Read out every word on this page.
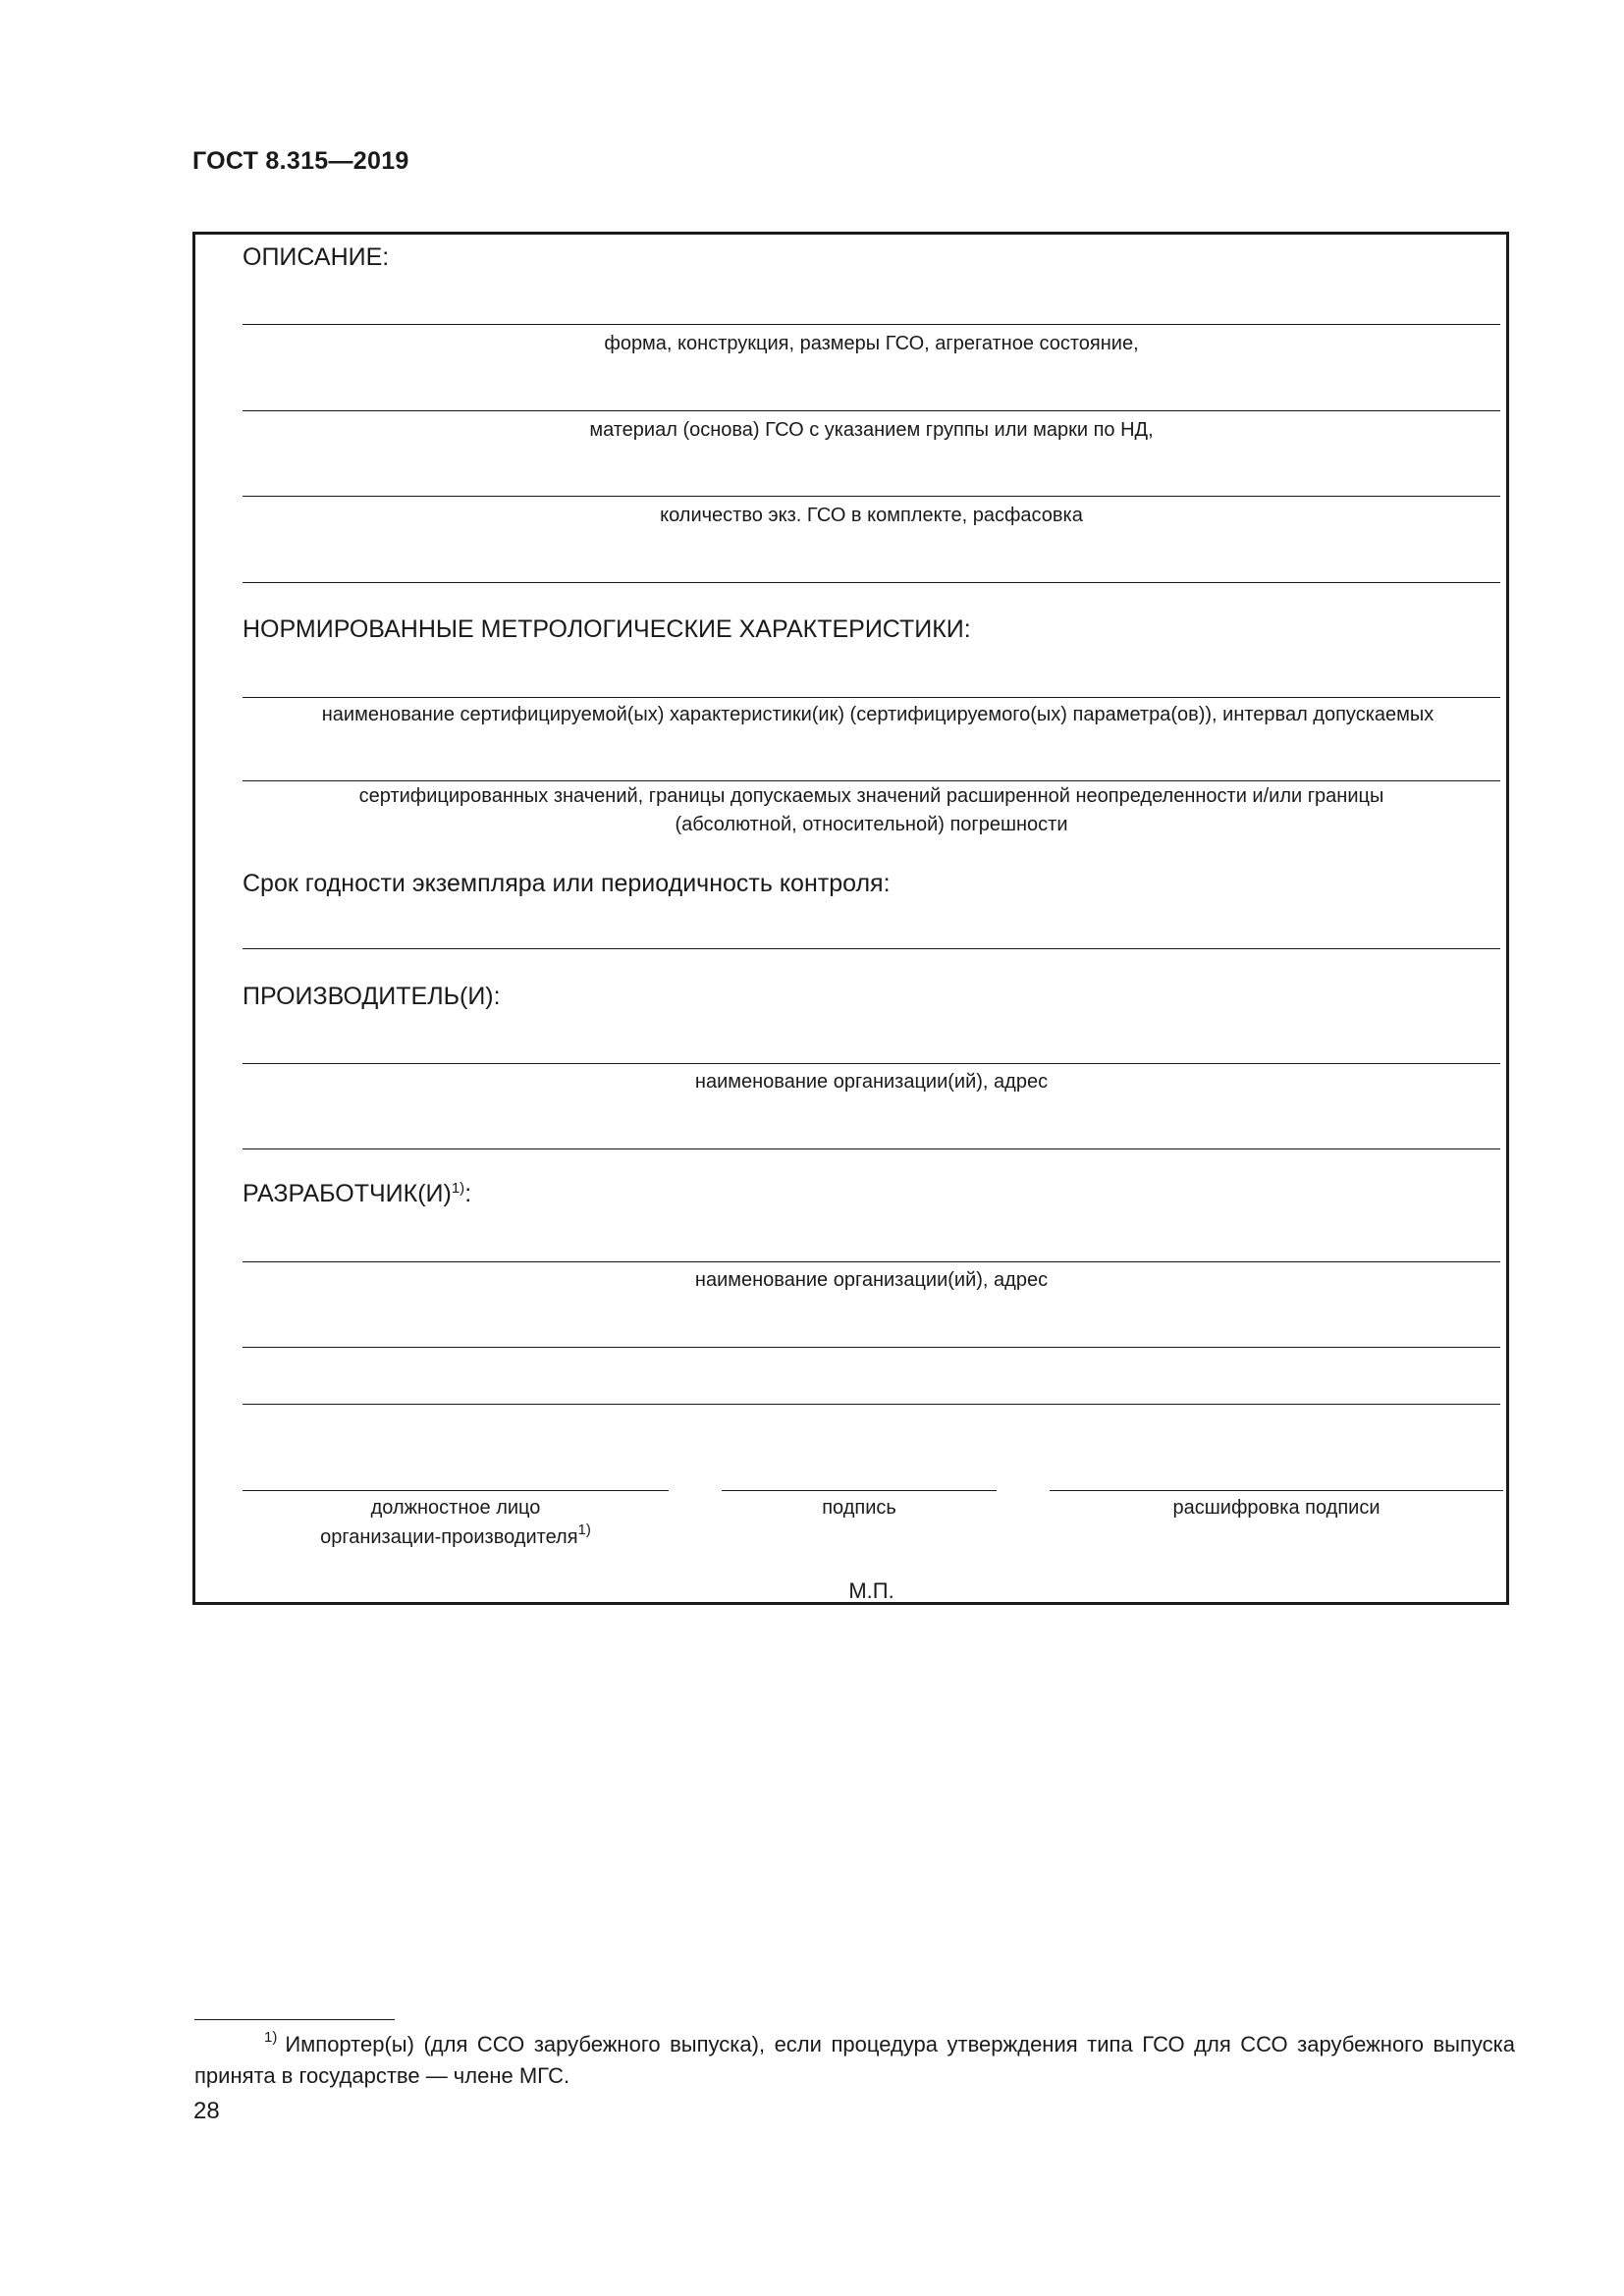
ГОСТ 8.315—2019
ОПИСАНИЕ:
форма, конструкция, размеры ГСО, агрегатное состояние,
материал (основа) ГСО с указанием группы или марки по НД,
количество экз. ГСО в комплекте, расфасовка
НОРМИРОВАННЫЕ МЕТРОЛОГИЧЕСКИЕ ХАРАКТЕРИСТИКИ:
наименование сертифицируемой(ых) характеристики(ик) (сертифицируемого(ых) параметра(ов)), интервал допускаемых
сертифицированных значений, границы допускаемых значений расширенной неопределенности и/или границы
(абсолютной, относительной) погрешности
Срок годности экземпляра или периодичность контроля:
ПРОИЗВОДИТЕЛЬ(И):
наименование организации(ий), адрес
$РАЗРАБОТЧИК(И)^{1)}$:
наименование организации(ий), адрес
должностное лицо
организации-производителя$^{1)}$
подпись	расшифровка подписи
М.П.
$^{1)}$ Импортер(ы) (для ССО зарубежного выпуска), если процедура утверждения типа ГСО для ССО зарубежного выпуска принята в государстве — члене МГС.
28
